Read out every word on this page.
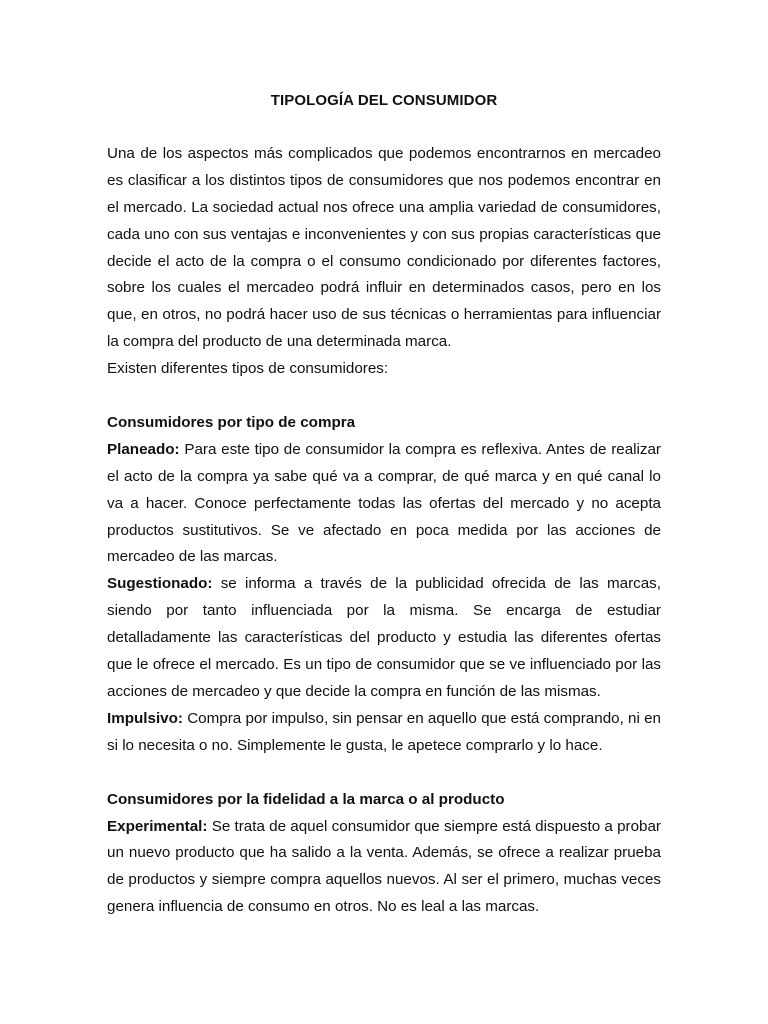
TIPOLOGÍA DEL CONSUMIDOR

Una de los aspectos más complicados que podemos encontrarnos en mercadeo es clasificar a los distintos tipos de consumidores que nos podemos encontrar en el mercado. La sociedad actual nos ofrece una amplia variedad de consumidores, cada uno con sus ventajas e inconvenientes y con sus propias características que decide el acto de la compra o el consumo condicionado por diferentes factores, sobre los cuales el mercadeo podrá influir en determinados casos, pero en los que, en otros, no podrá hacer uso de sus técnicas o herramientas para influenciar la compra del producto de una determinada marca.

Existen diferentes tipos de consumidores:

Consumidores por tipo de compra

Planeado: Para este tipo de consumidor la compra es reflexiva. Antes de realizar el acto de la compra ya sabe qué va a comprar, de qué marca y en qué canal lo va a hacer. Conoce perfectamente todas las ofertas del mercado y no acepta productos sustitutivos. Se ve afectado en poca medida por las acciones de mercadeo de las marcas.

Sugestionado: se informa a través de la publicidad ofrecida de las marcas, siendo por tanto influenciada por la misma. Se encarga de estudiar detalladamente las características del producto y estudia las diferentes ofertas que le ofrece el mercado. Es un tipo de consumidor que se ve influenciado por las acciones de mercadeo y que decide la compra en función de las mismas.

Impulsivo: Compra por impulso, sin pensar en aquello que está comprando, ni en si lo necesita o no. Simplemente le gusta, le apetece comprarlo y lo hace.

Consumidores por la fidelidad a la marca o al producto

Experimental: Se trata de aquel consumidor que siempre está dispuesto a probar un nuevo producto que ha salido a la venta. Además, se ofrece a realizar prueba de productos y siempre compra aquellos nuevos. Al ser el primero, muchas veces genera influencia de consumo en otros. No es leal a las marcas.
